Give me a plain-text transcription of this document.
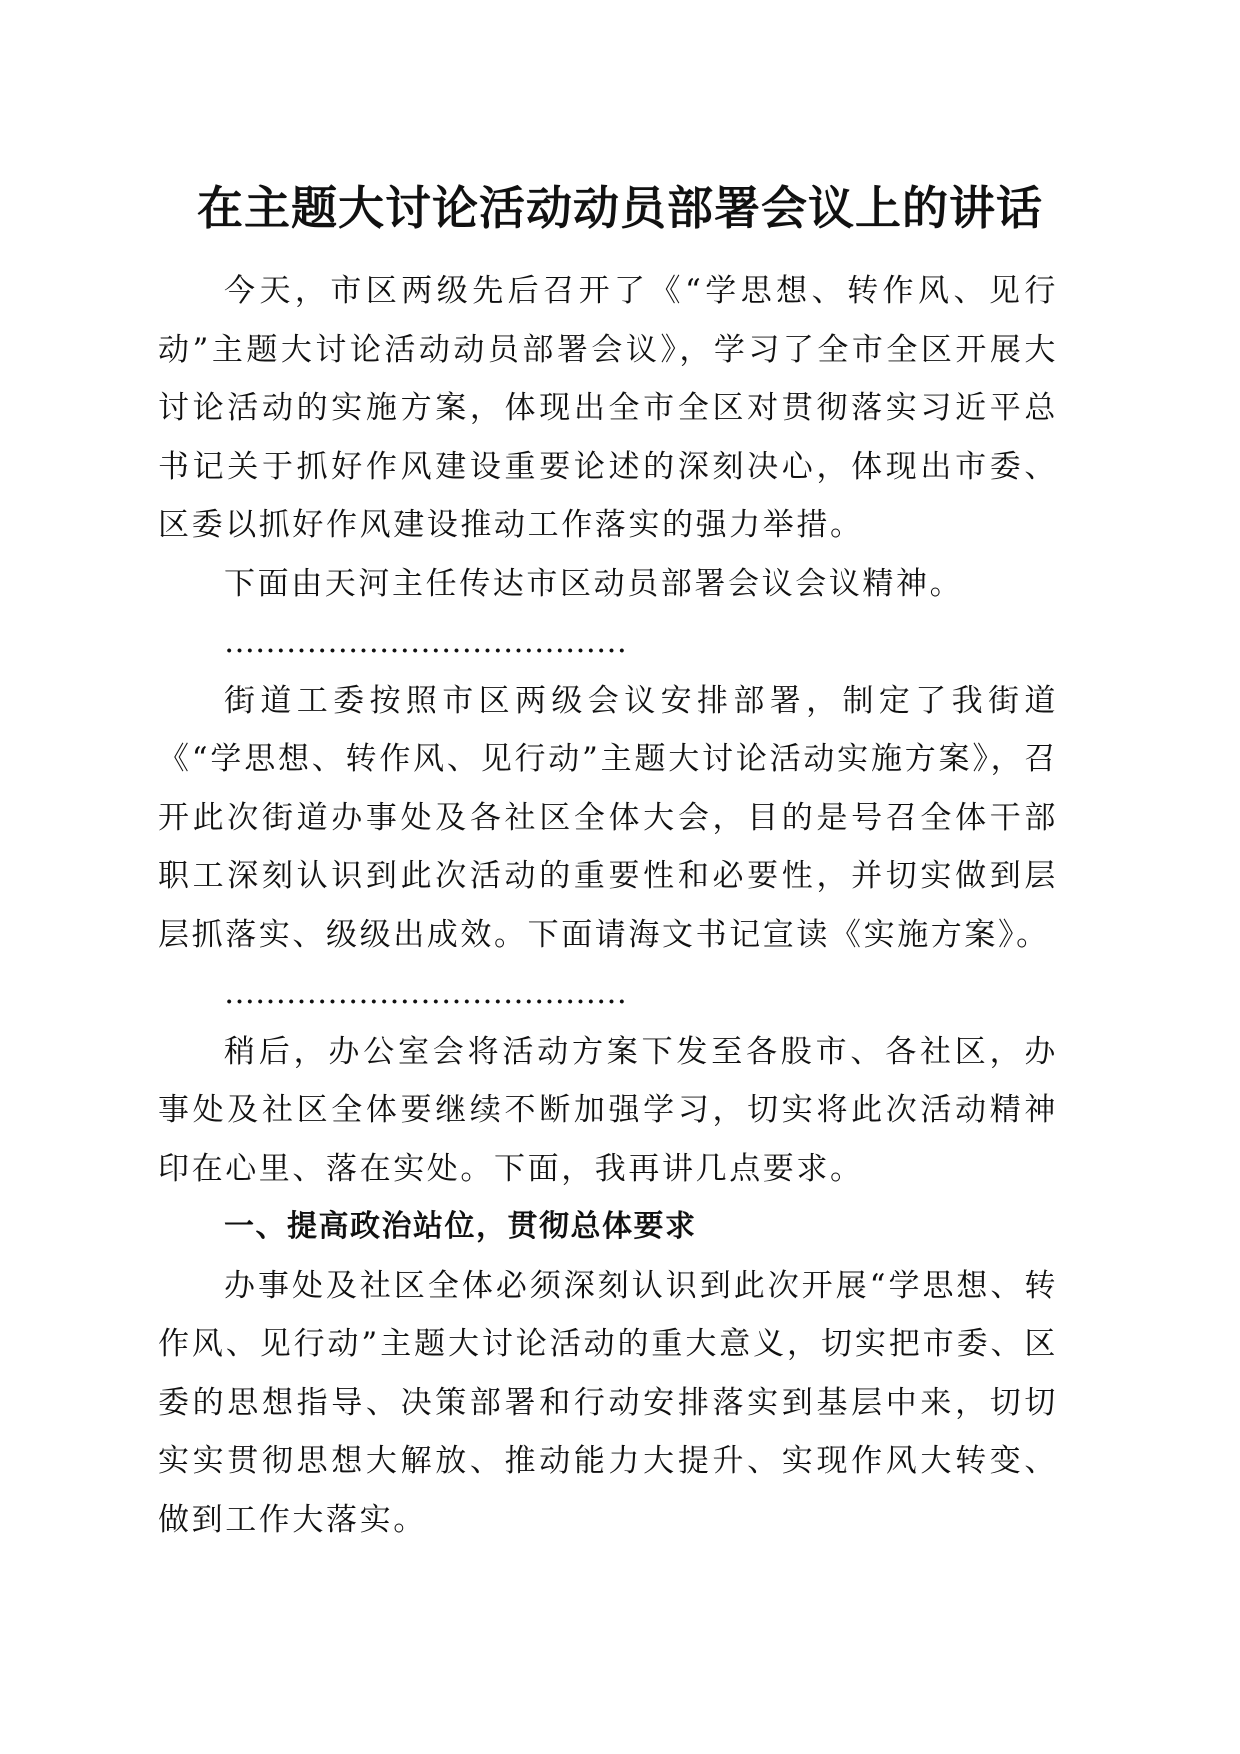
在主题大讨论活动动员部署会议上的讲话

今天，市区两级先后召开了《“学思想、转作风、见行动”主题大讨论活动动员部署会议》，学习了全市全区开展大讨论活动的实施方案，体现出全市全区对贯彻落实习近平总书记关于抓好作风建设重要论述的深刻决心，体现出市委、区委以抓好作风建设推动工作落实的强力举措。

下面由天河主任传达市区动员部署会议会议精神。

…………………………………

街道工委按照市区两级会议安排部署，制定了我街道《“学思想、转作风、见行动”主题大讨论活动实施方案》，召开此次街道办事处及各社区全体大会，目的是号召全体干部职工深刻认识到此次活动的重要性和必要性，并切实做到层层抓落实、级级出成效。下面请海文书记宣读《实施方案》。

…………………………………

稍后，办公室会将活动方案下发至各股市、各社区，办事处及社区全体要继续不断加强学习，切实将此次活动精神印在心里、落在实处。下面，我再讲几点要求。

一、提高政治站位，贯彻总体要求

办事处及社区全体必须深刻认识到此次开展“学思想、转作风、见行动”主题大讨论活动的重大意义，切实把市委、区委的思想指导、决策部署和行动安排落实到基层中来，切切实实贯彻思想大解放、推动能力大提升、实现作风大转变、做到工作大落实。
